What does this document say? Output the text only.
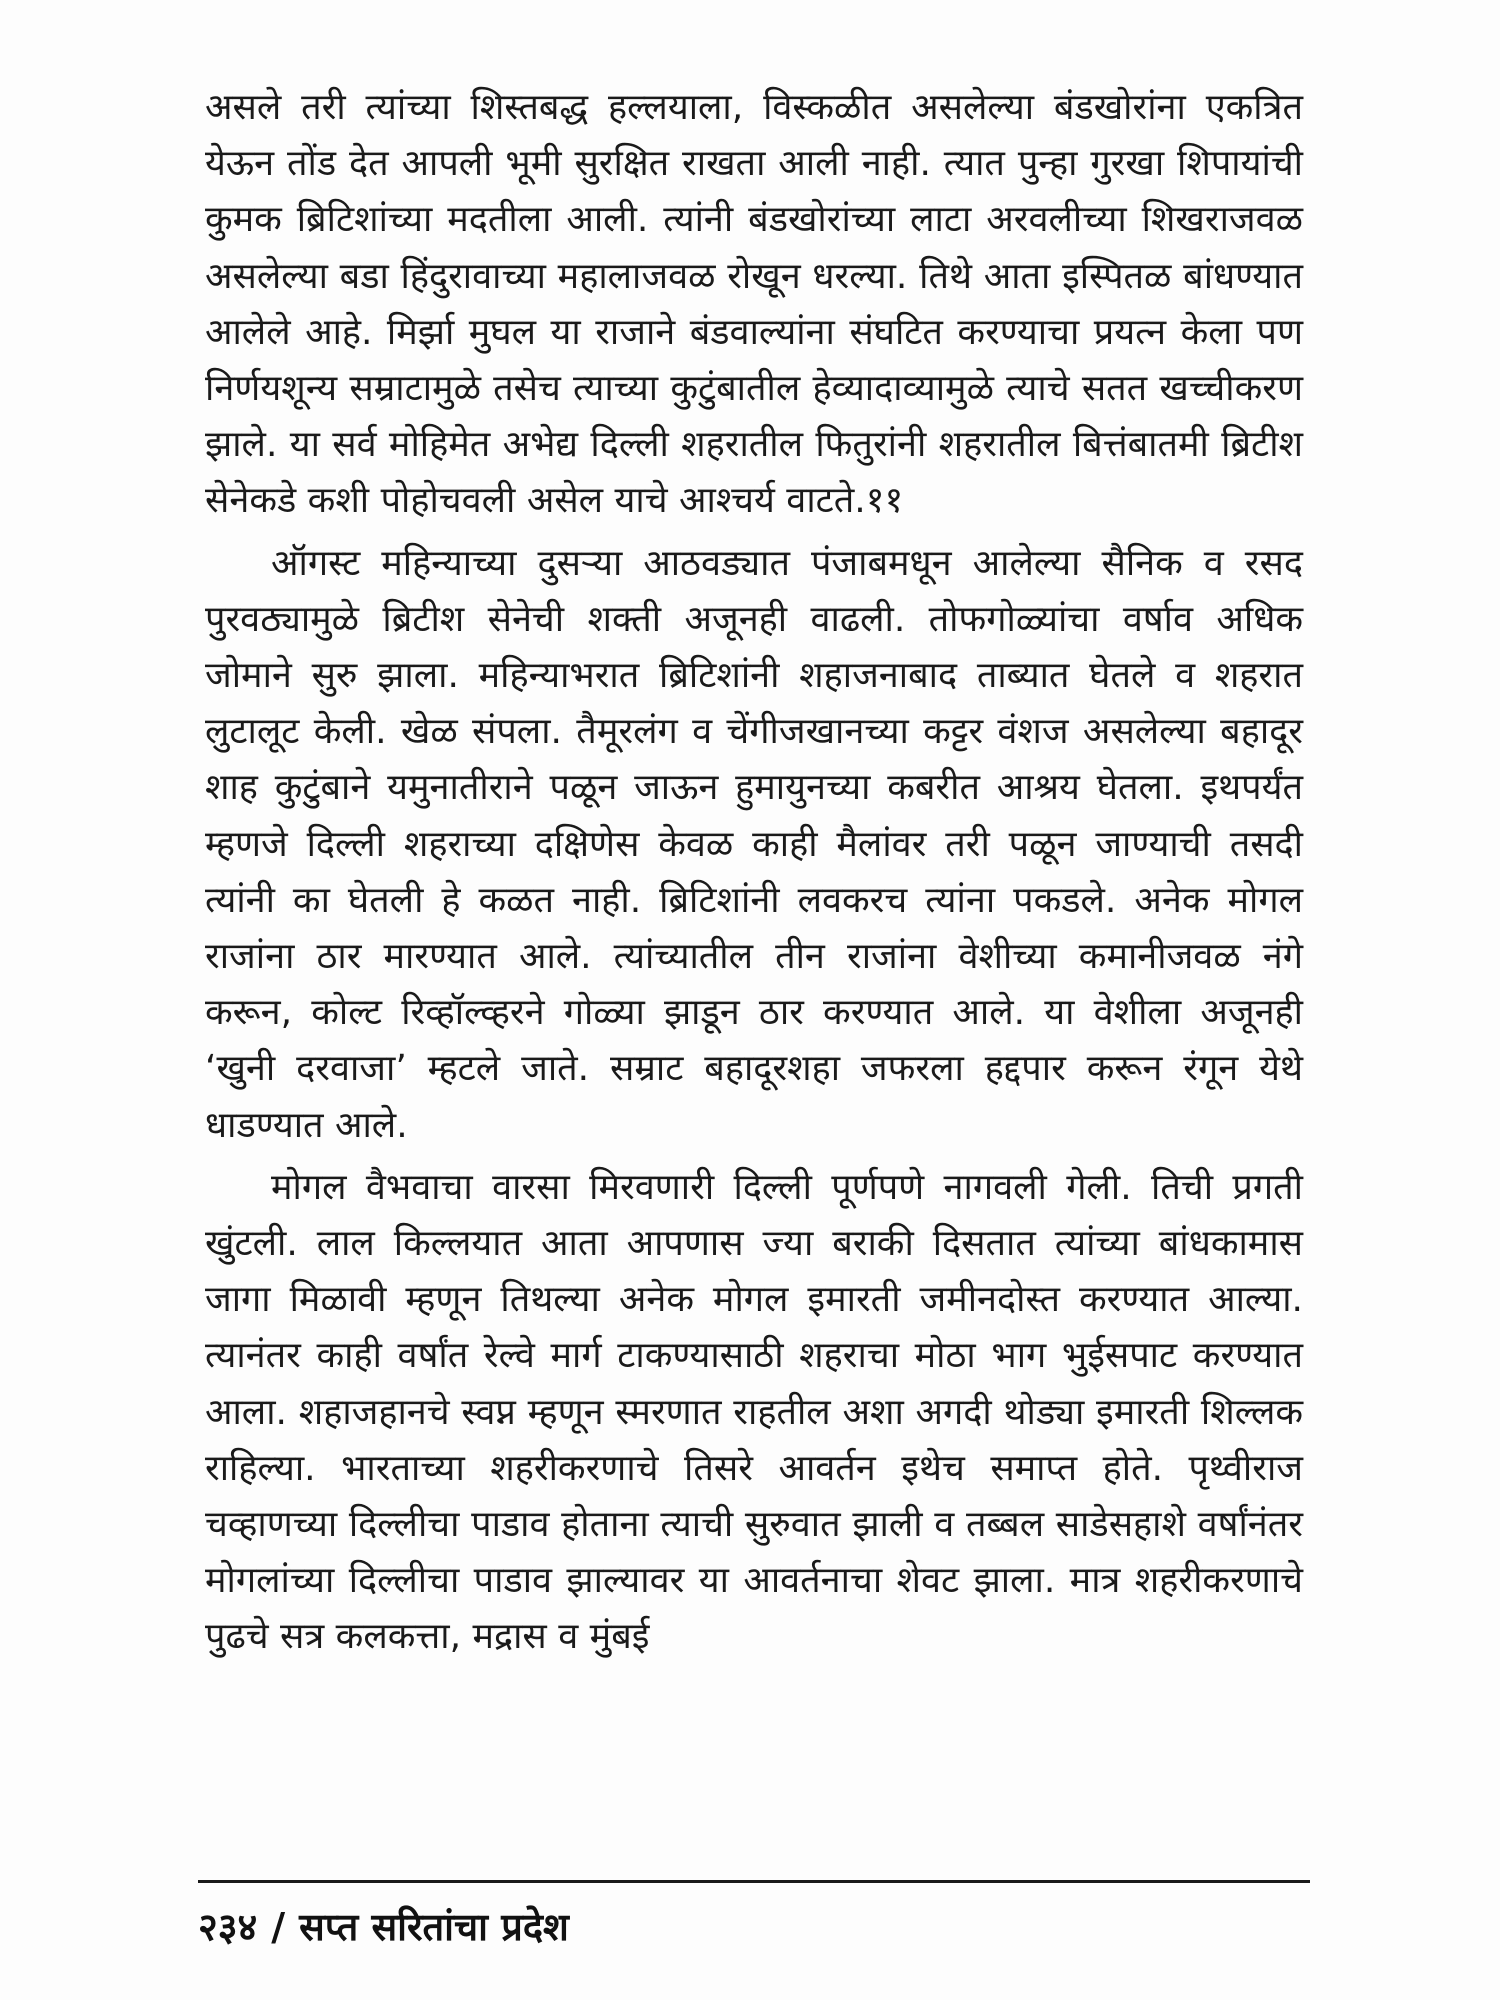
असले तरी त्यांच्या शिस्तबद्ध हल्लयाला, विस्कळीत असलेल्या बंडखोरांना एकत्रित येऊन तोंड देत आपली भूमी सुरक्षित राखता आली नाही. त्यात पुन्हा गुरखा शिपायांची कुमक ब्रिटिशांच्या मदतीला आली. त्यांनी बंडखोरांच्या लाटा अरवलीच्या शिखराजवळ असलेल्या बडा हिंदुरावाच्या महालाजवळ रोखून धरल्या. तिथे आता इस्पितळ बांधण्यात आलेले आहे. मिर्झा मुघल या राजाने बंडवाल्यांना संघटित करण्याचा प्रयत्न केला पण निर्णयशून्य सम्राटामुळे तसेच त्याच्या कुटुंबातील हेव्यादाव्यामुळे त्याचे सतत खच्चीकरण झाले. या सर्व मोहिमेत अभेद्य दिल्ली शहरातील फितुरांनी शहरातील बित्तंबातमी ब्रिटीश सेनेकडे कशी पोहोचवली असेल याचे आश्चर्य वाटते.११

ऑगस्ट महिन्याच्या दुसऱ्या आठवड्यात पंजाबमधून आलेल्या सैनिक व रसद पुरवठ्यामुळे ब्रिटीश सेनेची शक्ती अजूनही वाढली. तोफगोळ्यांचा वर्षाव अधिक जोमाने सुरु झाला. महिन्याभरात ब्रिटिशांनी शहाजनाबाद ताब्यात घेतले व शहरात लुटालूट केली. खेळ संपला. तैमूरलंग व चेंगीजखानच्या कट्टर वंशज असलेल्या बहादूर शाह कुटुंबाने यमुनातीराने पळून जाऊन हुमायुनच्या कबरीत आश्रय घेतला. इथपर्यंत म्हणजे दिल्ली शहराच्या दक्षिणेस केवळ काही मैलांवर तरी पळून जाण्याची तसदी त्यांनी का घेतली हे कळत नाही. ब्रिटिशांनी लवकरच त्यांना पकडले. अनेक मोगल राजांना ठार मारण्यात आले. त्यांच्यातील तीन राजांना वेशीच्या कमानीजवळ नंगे करून, कोल्ट रिव्हॉल्व्हरने गोळ्या झाडून ठार करण्यात आले. या वेशीला अजूनही ‘खुनी दरवाजा’ म्हटले जाते. सम्राट बहादूरशहा जफरला हद्दपार करून रंगून येथे धाडण्यात आले.

मोगल वैभवाचा वारसा मिरवणारी दिल्ली पूर्णपणे नागवली गेली. तिची प्रगती खुंटली. लाल किल्लयात आता आपणास ज्या बराकी दिसतात त्यांच्या बांधकामास जागा मिळावी म्हणून तिथल्या अनेक मोगल इमारती जमीनदोस्त करण्यात आल्या. त्यानंतर काही वर्षांत रेल्वे मार्ग टाकण्यासाठी शहराचा मोठा भाग भुईसपाट करण्यात आला. शहाजहानचे स्वप्न म्हणून स्मरणात राहतील अशा अगदी थोड्या इमारती शिल्लक राहिल्या. भारताच्या शहरीकरणाचे तिसरे आवर्तन इथेच समाप्त होते. पृथ्वीराज चव्हाणच्या दिल्लीचा पाडाव होताना त्याची सुरुवात झाली व तब्बल साडेसहाशे वर्षांनंतर मोगलांच्या दिल्लीचा पाडाव झाल्यावर या आवर्तनाचा शेवट झाला. मात्र शहरीकरणाचे पुढचे सत्र कलकत्ता, मद्रास व मुंबई

२३४ / सप्त सरितांचा प्रदेश
